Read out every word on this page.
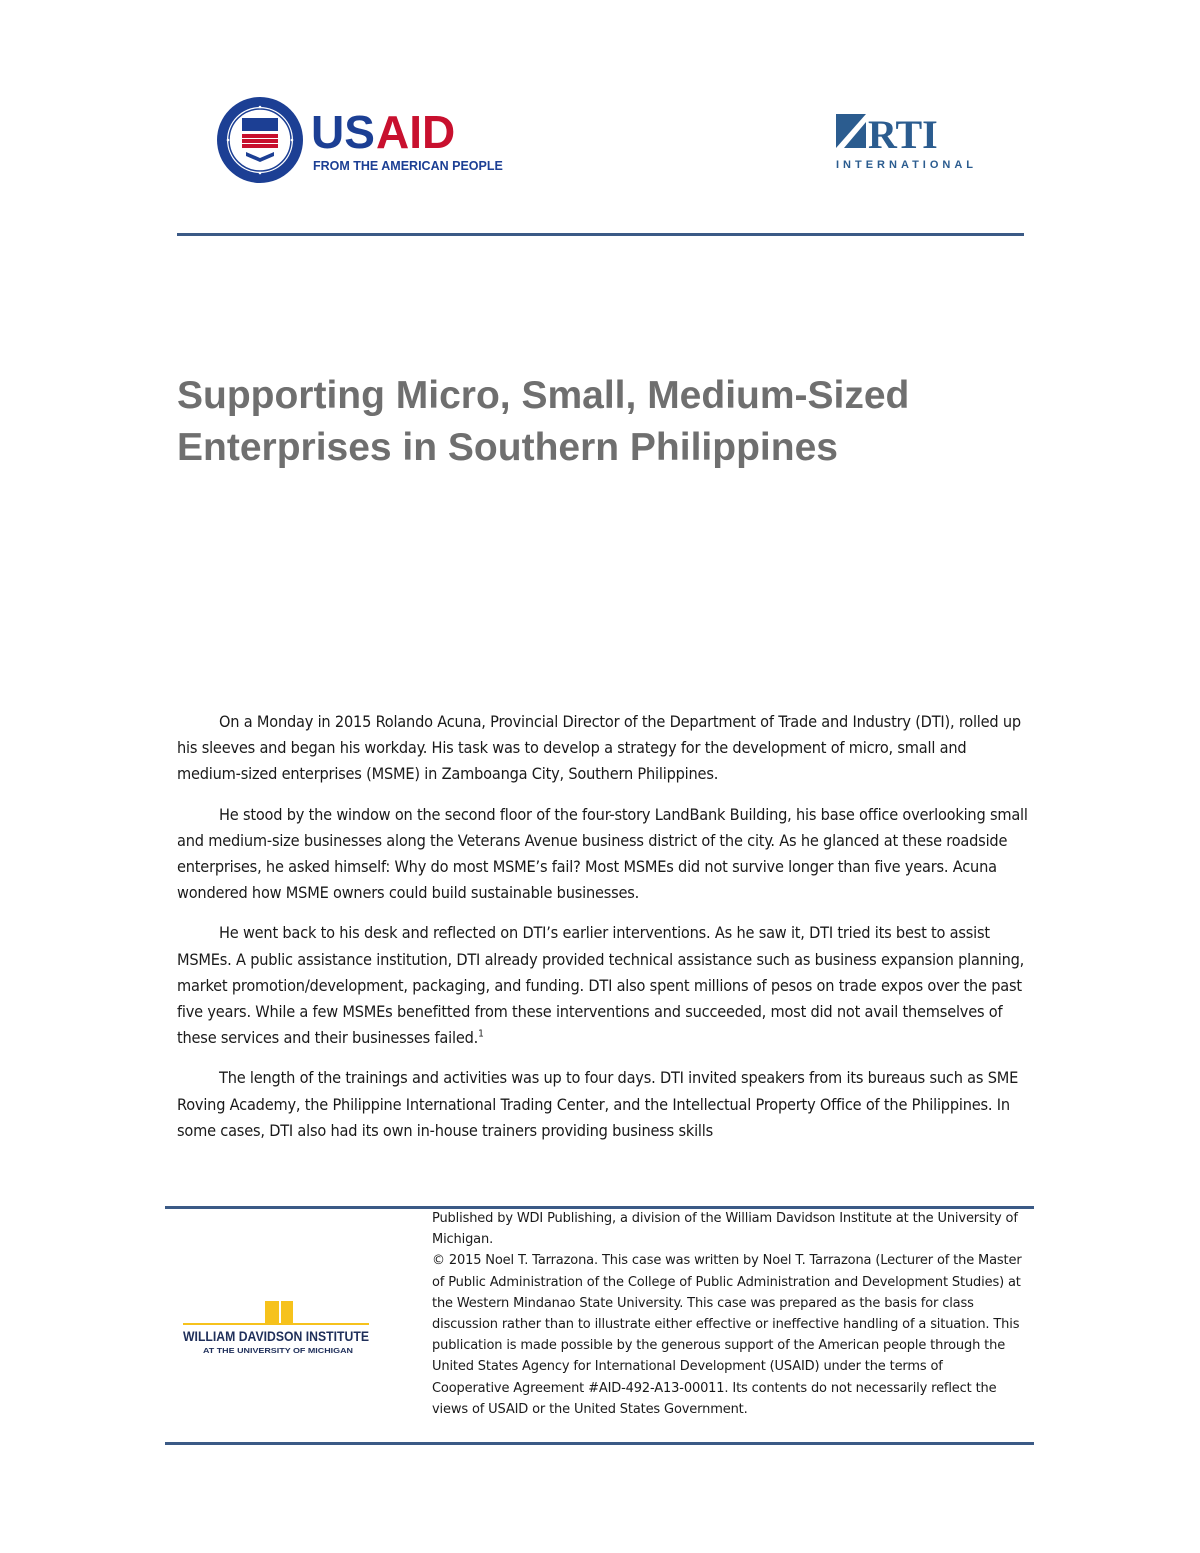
US AID
FROM THE AMERICAN PEOPLE
RTI
INTERNATIONAL
Supporting Micro, Small, Medium-Sized
Enterprises in Southern Philippines

On a Monday in 2015 Rolando Acuna, Provincial Director of the Department of Trade and Industry (DTI), rolled up his sleeves and began his workday. His task was to develop a strategy for the development of micro, small and medium-sized enterprises (MSME) in Zamboanga City, Southern Philippines.

He stood by the window on the second floor of the four-story LandBank Building, his base office overlooking small and medium-size businesses along the Veterans Avenue business district of the city. As he glanced at these roadside enterprises, he asked himself: Why do most MSME’s fail? Most MSMEs did not survive longer than five years. Acuna wondered how MSME owners could build sustainable businesses.

He went back to his desk and reflected on DTI’s earlier interventions. As he saw it, DTI tried its best to assist MSMEs. A public assistance institution, DTI already provided technical assistance such as business expansion planning, market promotion/development, packaging, and funding. DTI also spent millions of pesos on trade expos over the past five years. While a few MSMEs benefitted from these interventions and succeeded, most did not avail themselves of these services and their businesses failed.$^1$

The length of the trainings and activities was up to four days. DTI invited speakers from its bureaus such as SME Roving Academy, the Philippine International Trading Center, and the Intellectual Property Office of the Philippines. In some cases, DTI also had its own in-house trainers providing business skills

WILLIAM DAVIDSON INSTITUTE
AT THE UNIVERSITY OF MICHIGAN

Published by WDI Publishing, a division of the William Davidson Institute at the University of Michigan.

© 2015 Noel T. Tarrazona. This case was written by Noel T. Tarrazona (Lecturer of the Master of Public Administration of the College of Public Administration and Development Studies) at the Western Mindanao State University. This case was prepared as the basis for class discussion rather than to illustrate either effective or ineffective handling of a situation. This publication is made possible by the generous support of the American people through the United States Agency for International Development (USAID) under the terms of Cooperative Agreement #AID-492-A13-00011. Its contents do not necessarily reflect the views of USAID or the United States Government.
